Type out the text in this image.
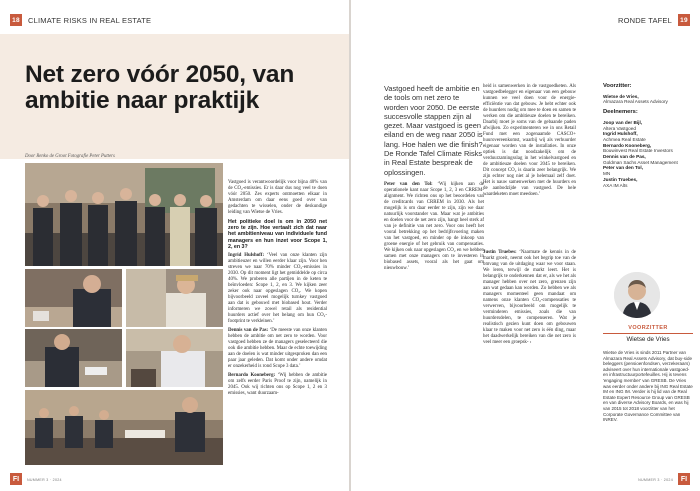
18 CLIMATE RISKS IN REAL ESTATE
Net zero vóór 2050, van ambitie naar praktijk
Door Renko de Groot Fotografie Peter Putters

Vastgoed is verantwoordelijk voor bijna 40% van de CO₂-emissies. Er is daar dus nog veel te doen vóór 2050. Zes experts ontmoetten elkaar in Amsterdam om daar eens goed over van gedachten te wisselen, onder de deskundige leiding van Wietse de Vries.

Het politieke doel is om in 2050 net zero te zijn. Hoe vertaalt zich dat naar het ambitieniveau van individuele fund managers en hun inzet voor Scope 1, 2, en 3?

Ingrid Hulshoff: ‘Veel van onze klanten zijn ambitieuzer en willen eerder klaar zijn. Voor hen streven we naar 70% minder CO₂-emissies in 2030. Op dit moment ligt het gemiddelde op circa 40%. We proberen alle partijen in de keten te beïnvloeden: Scope 1, 2, en 3. We kijken zeer zeker ook naar opgeslagen CO₂. We kopen bijvoorbeeld zoveel mogelijk turnkey vastgoed aan dat is gebouwd met biobased hout. Verder informeren we zowel retail als residential huurders actief over het belang om hun CO₂-footprint te verkleinen.’

Dennis van de Pas: ‘De meeste van onze klanten hebben de ambitie om net zero te worden. Voor vastgoed hebben ze de managers geselecteerd die ook die ambitie hebben. Maar de echte toewijding aan de doelen is wat minder uitgesproken dan een paar jaar geleden. Dat komt onder andere omdat er onzekerheid is rond Scope 3 data.’

Bernardo Kooneberg: ‘Wij hebben de ambitie om zelfs eerder Paris Proof te zijn, namelijk in 2045. Ook wij richten ons op Scope 1, 2 en 3 emissies, want duurzaam-

FI	NUMMER 3 · 2024
RONDE TAFEL	19
Vastgoed heeft de ambitie en de tools om net zero te worden voor 2050. De eerste succesvolle stappen zijn al gezet. Maar vastgoed is geen eiland en de weg naar 2050 is lang. Hoe halen we die finish? De Ronde Tafel Climate Risks in Real Estate bespreak de oplossingen.

heid is samenwerken in de vastgoedketen. Als vastgoedbelegger en eigenaar van een gebouw kunnen we veel doen voor de energie-efficiëntie van dat gebouw. Je hebt echter ook de huurders nodig om mee te doen en samen te werken om die ambitieuze doelen te bereiken. Daarbij moet je soms van de gebaande paden afwijken. Zo experimenteren we in ons Retail Fund met een zogenaamde CASCO+ huurovereenkomst, waarbij wij als verhuurder eigenaar worden van de installaties. In onze optiek is dat noodzakelijk om de verduurzamingsslag in het winkelvastgoed en de ambitieuze doelen voor 2045 te bereiken. Dit concept CO₂ is daarin zeer belangrijk. We zijn echter nog niet al je helemaal zelf doet. Het is nauw samenwerken met de huurders en de aanbodzijde van vastgoed. De hele waardeketen moet meedoen.’

Peter van den Tol: ‘Wij kijken aan de operationele kant naar Scope 1, 2, 3 en CRREM-alignment. We richten ons op het beoordelen van de creditcards van CRREM in 2030. Als het mogelijk is om daar eerder te zijn, zijn we daar natuurlijk voorstander van. Maar wat je ambities en doelen voor de net zero zijn, hangt heel sterk af van je definitie van net zero. Voor ons heeft het vooral betrekking op het bedrijfsvoering maken van het vastgoed, en minder op de inkoop van groene energie of het gebruik van compensaties. We kijken ook naar opgeslagen CO₂ en we hebben samen met onze managers om te investeren in biobased assets, vooral als het gaat om nieuwbouw.’

Justin Truebes: ‘Naarmate de kennis in de markt groeit, neemt ook het begrip toe van de omvang van de uitdaging waar we voor staan. We leren, terwijl de markt leert. Het is belangrijk te onderkennen dat er, als we het als manager hebben over net zero, grenzen zijn aan wat gedaan kan worden. Zo hebben we als managers momenteel geen mandaat om namens onze klanten CO₂-compensaties te verwerven, bijvoorbeeld om mogelijk te verminderen emissies, zoals die van huurdersdelen, te compenseren. Wat je realistisch gezien kunt doen om gebouwen klaar te maken voor net zero is één ding, maar het daadwerkelijk bereiken van die net zero is veel meer een groepsk- ›

Voorzitter:
Wietse de Vries,
Almazara Real Assets Advisory
Deelnemers:
Joop van der Bijl,
Altera Vastgoed
Ingrid Hulshoff,
Achmea Real Estate
Bernardo Kooneberg,
Bouwinvest Real Estate Investors
Dennis van de Pas,
Goldman Sachs Asset Management
Peter van den Tol,
MN
Justin Truebes,
AXA IM Alts
VOORZITTER
Wietse de Vries
Wietse de Vries is sinds 2011 Partner van Almazara Real Assets Advisory, dat buy-side beleggers (pensioenfondsen, verzekeraars) adviseert over hun internationale vastgoed- en infrastructuurportefeuilles. Hij is tevens 'engaging member' van GRESB. De Vries was eerder onder andere bij ING Real Estate IM en ING IM. Verder is hij lid van de Real Estate Expert Resource Group van GRESB en van diverse Advisory Boards, en was hij van 2015 tot 2018 voorzitter van het Corporate Governance Committee van INREV.
FI
NUMMER 3 · 2024
